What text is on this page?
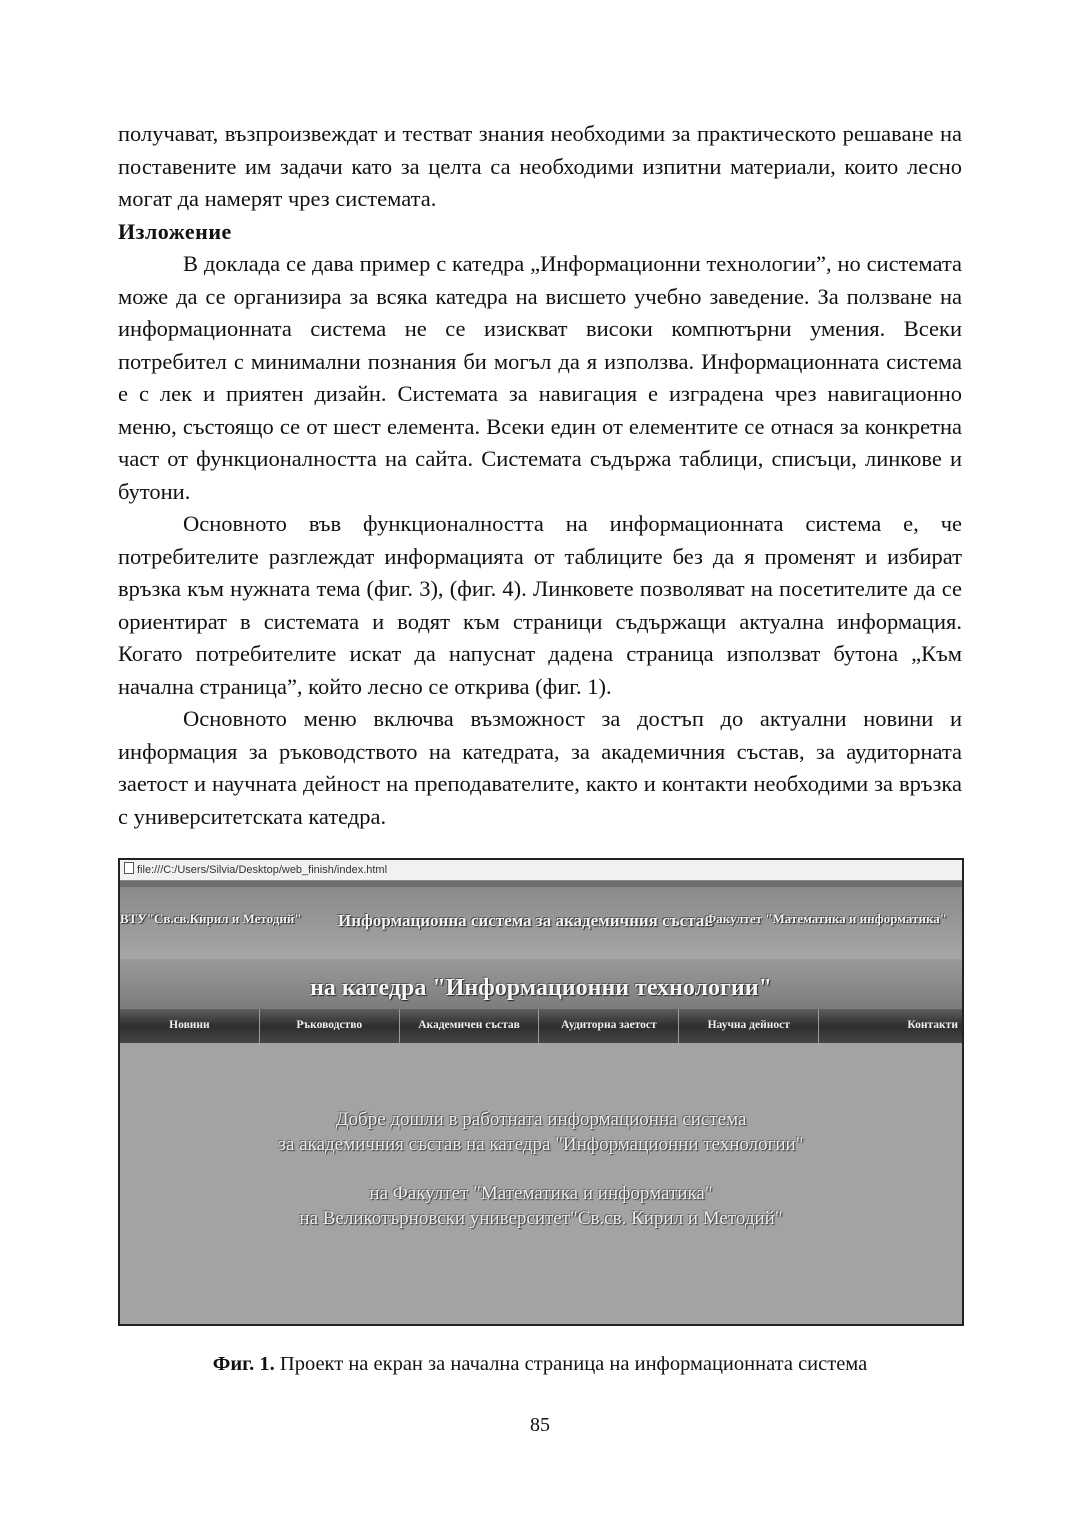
получават, възпроизвеждат и тестват знания необходими за практическото решаване на поставените им задачи като за целта са необходими изпитни материали, които лесно могат да намерят чрез системата.

Изложение

В доклада се дава пример с катедра „Информационни технологии”, но системата може да се организира за всяка катедра на висшето учебно заведение. За ползване на информационната система не се изискват високи компютърни умения. Всеки потребител с минимални познания би могъл да я използва. Информационната система е с лек и приятен дизайн. Системата за навигация е изградена чрез навигационно меню, състоящо се от шест елемента. Всеки един от елементите се отнася за конкретна част от функционалността на сайта. Системата съдържа таблици, списъци, линкове и бутони.

Основното във функционалността на информационната система е, че потребителите разглеждат информацията от таблиците без да я променят и избират връзка към нужната тема (фиг. 3), (фиг. 4). Линковете позволяват на посетителите да се ориентират в системата и водят към страници съдържащи актуална информация. Когато потребителите искат да напуснат дадена страница използват бутона „Към начална страница”, който лесно се открива (фиг. 1).

Основното меню включва възможност за достъп до актуални новини и информация за ръководството на катедрата, за академичния състав, за аудиторната заетост и научната дейност на преподавателите, както и контакти необходими за връзка с университетската катедра.

file:///C:/Users/Silvia/Desktop/web_finish/index.html
ВТУ"Св.св.Кирил и Методий" Информационна система за академичния състав
Факултет "Математика и информатика"
на катедра "Информационни технологии"
Новини	Ръководство	Академичен състав	Аудиторна заетост	Научна дейност	Контакти
Добре дошли в работната информационна система
за академичния състав на катедра "Информационни технологии"
на Факултет "Математика и информатика"
на Великотърновски университет"Св.св. Кирил и Методий"
Фиг. 1. Проект на екран за начална страница на информационната система
85
